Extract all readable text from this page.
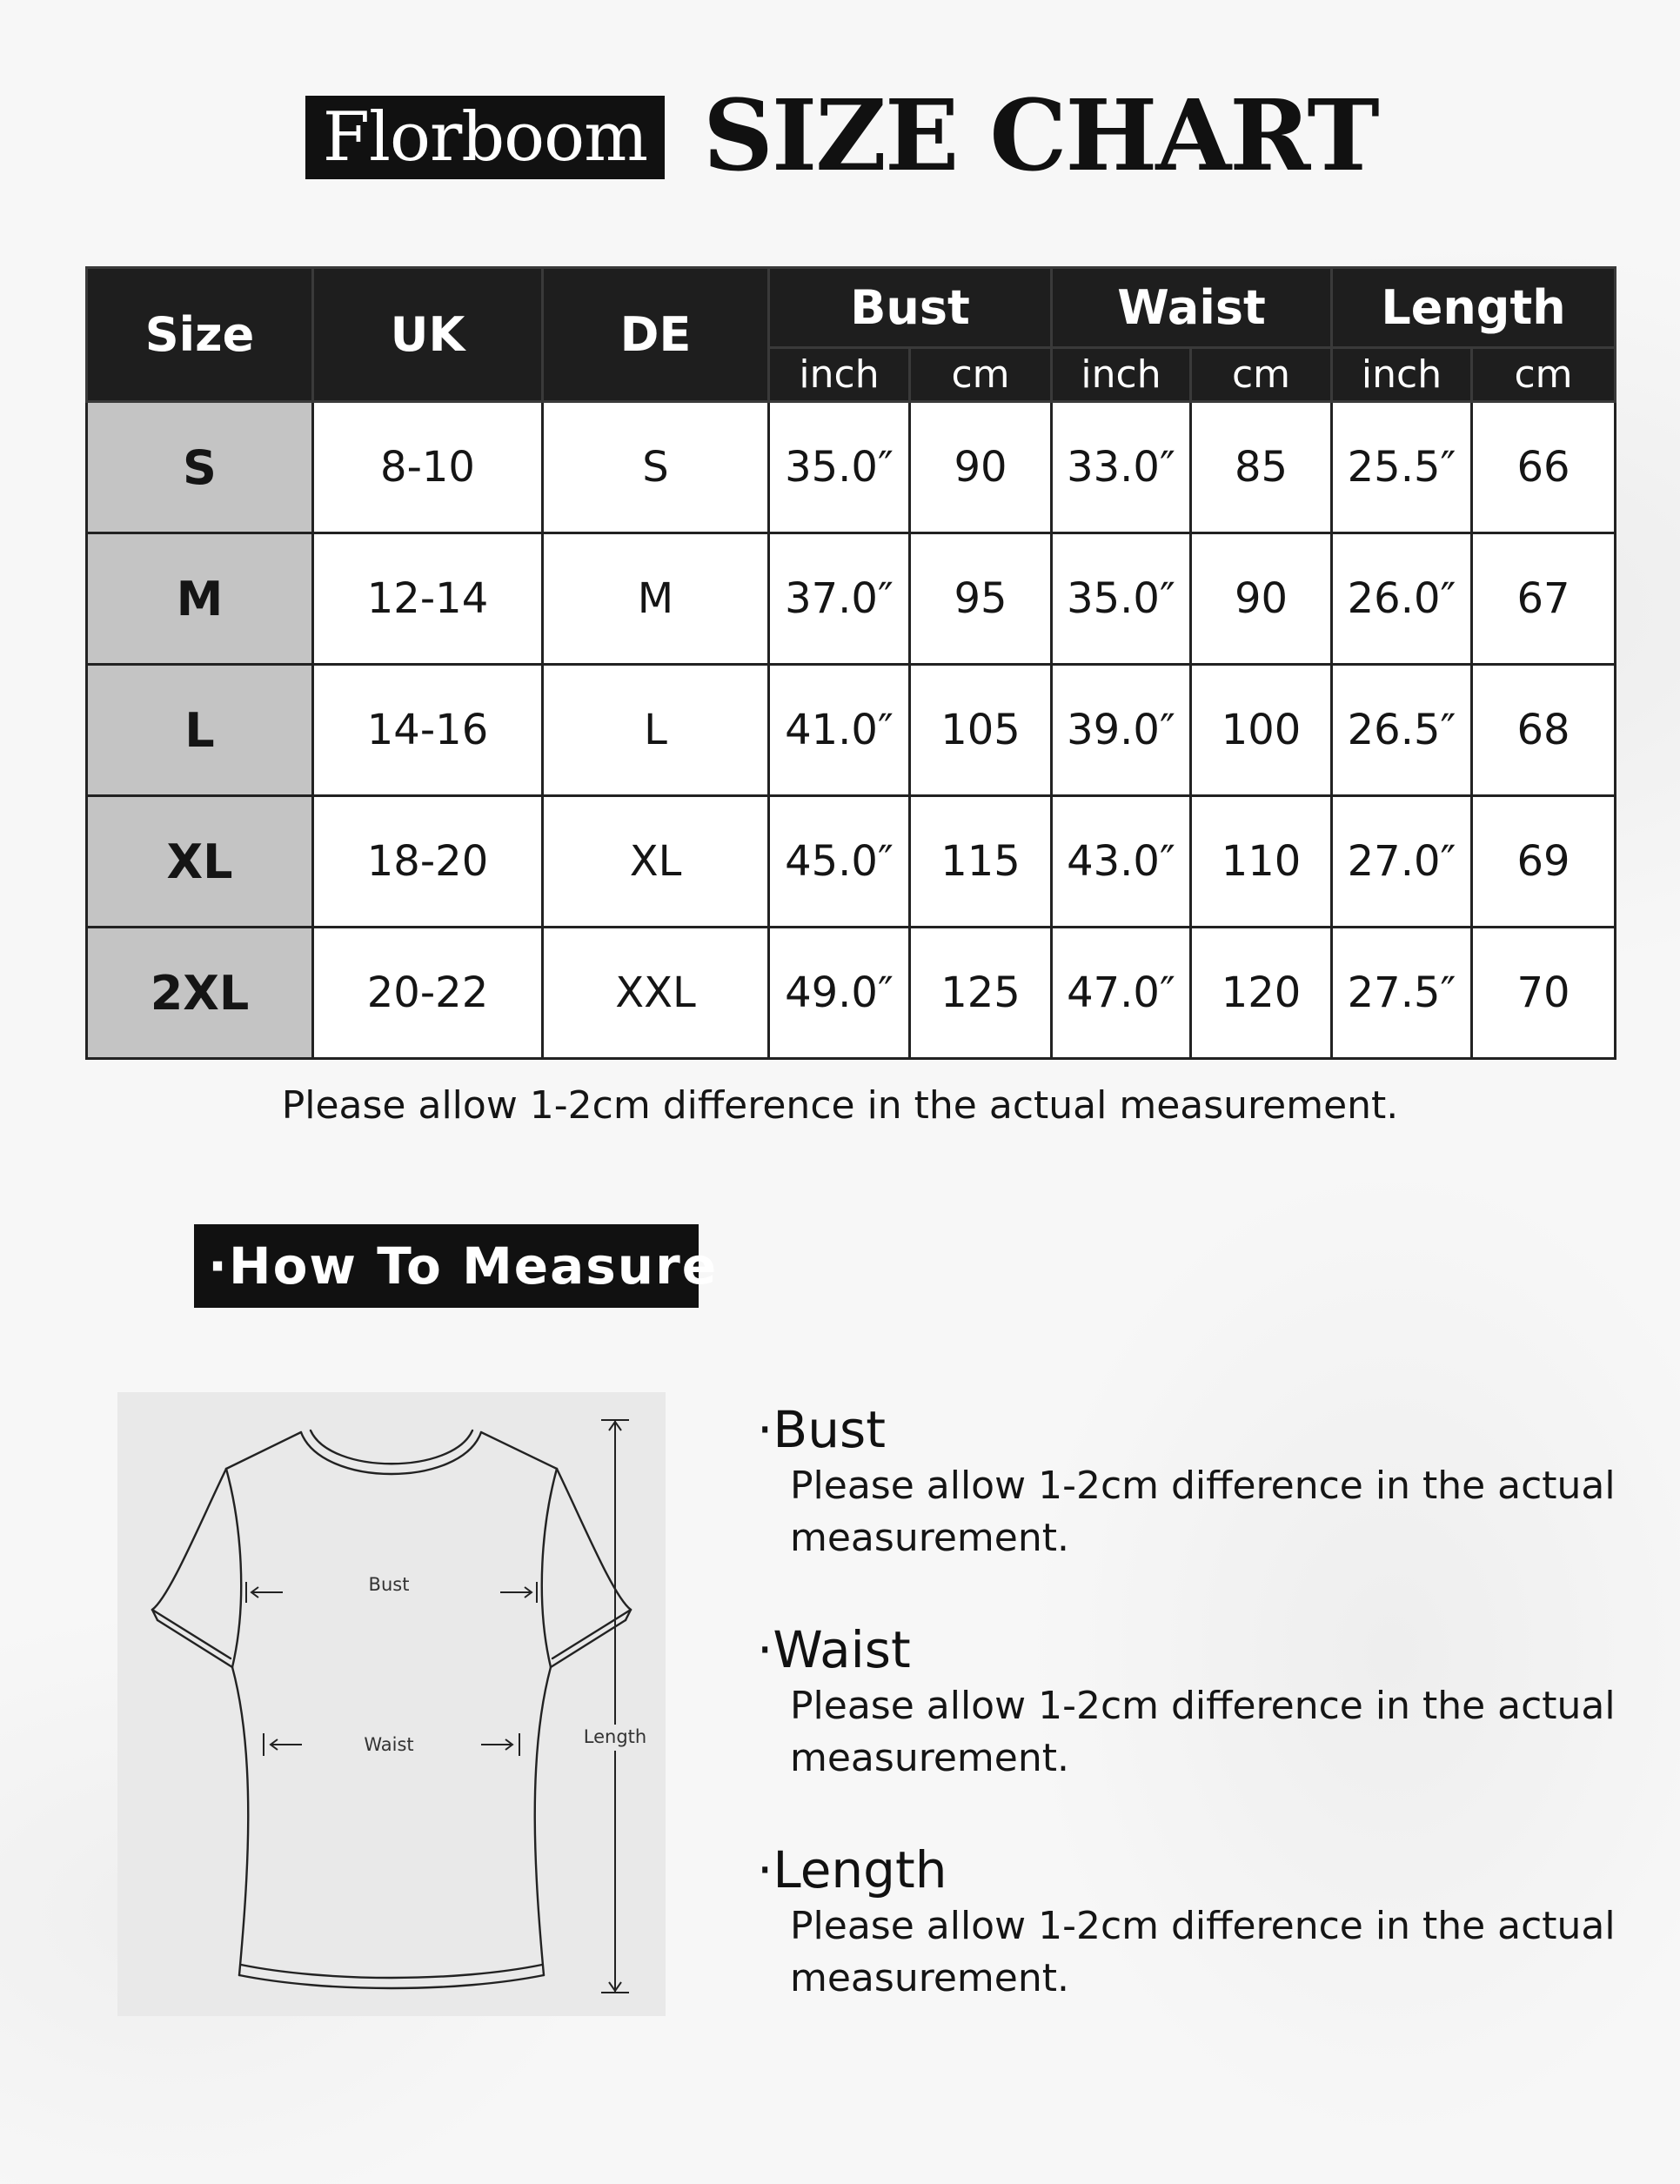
Florboom SIZE CHART
Size	UK	DE	Bust		Waist		Length	
			inch	cm	inch	cm	inch	cm
S	8-10	S	35.0″	90	33.0″	85	25.5″	66
M	12-14	M	37.0″	95	35.0″	90	26.0″	67
L	14-16	L	41.0″	105	39.0″	100	26.5″	68
XL	18-20	XL	45.0″	115	43.0″	110	27.0″	69
2XL	20-22	XXL	49.0″	125	47.0″	120	27.5″	70
Please allow 1-2cm difference in the actual measurement.
·How To Measure
Bust
Waist	Length
·Bust
Please allow 1-2cm difference in the actual measurement.
·Waist
Please allow 1-2cm difference in the actual measurement.
·Length
Please allow 1-2cm difference in the actual measurement.
